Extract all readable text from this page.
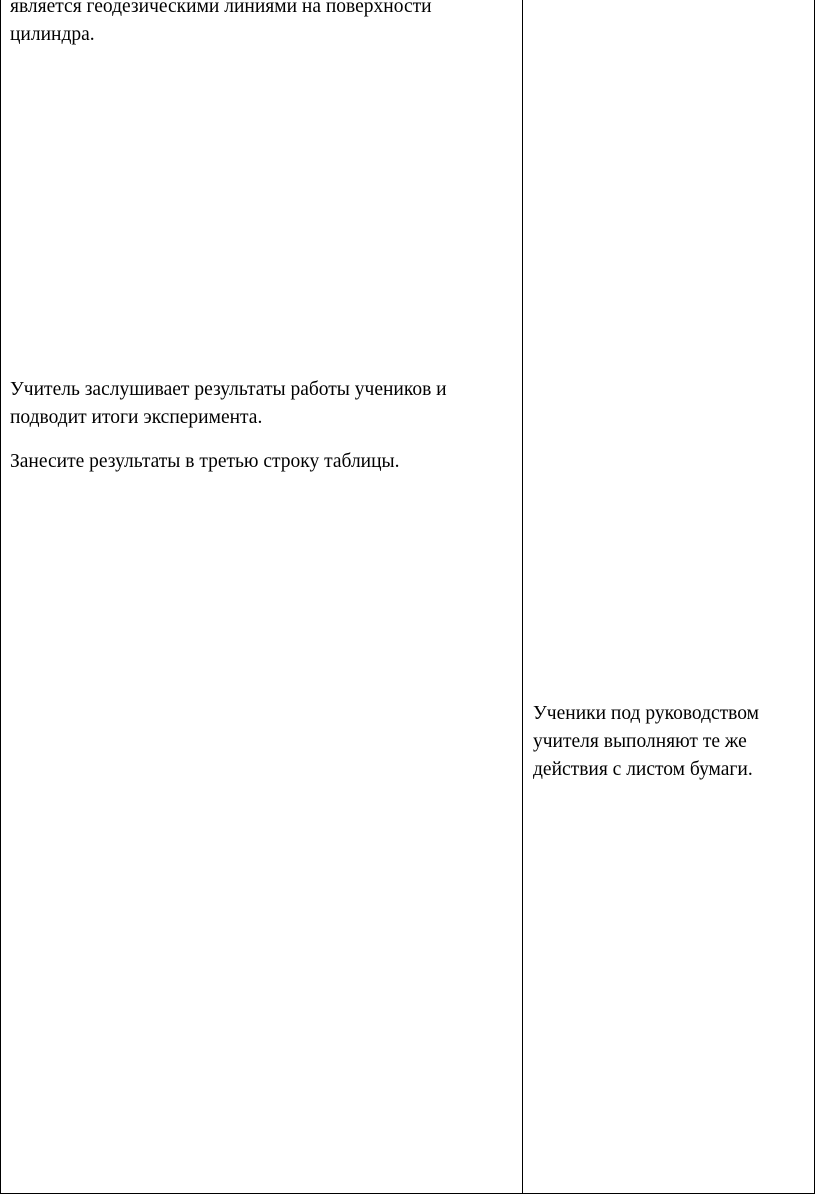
является геодезическими линиями на поверхности цилиндра.

Учитель заслушивает результаты работы учеников и подводит итоги эксперимента.

Занесите результаты в третью строку таблицы.

Ученики под руководством учителя выполняют те же действия с листом бумаги.
